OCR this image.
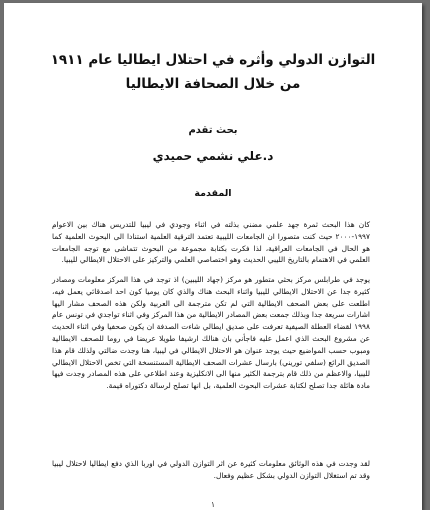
التوازن الدولي وأثره في احتلال ايطاليا عام ١٩١١ من خلال الصحافة الايطاليا
بحث تقدم
د.علي نشمي حميدي
المقدمة

كان هذا البحث ثمرة جهد علمي مضني بذلته في اثناء وجودي في ليبيا للتدريس هناك بين الاعوام ١٩٩٧-٢٠٠٠ حيث كنت متصورا ان الجامعات الليبية تعتمد الترقية العلمية استنادا الى البحوث العلمية كما هو الحال في الجامعات العراقية، لذا فكرت بكتابة مجموعة من البحوث تتماشى مع توجه الجامعات العلمي في الاهتمام بالتاريخ الليبي الحديث وهو اختصاصي العلمي والتركيز على الاحتلال الايطالي لليبيا.

يوجد في طرابلس مركز بحثي متطور هو مركز (جهاد الليبين) اذ توجد في هذا المركز معلومات ومصادر كثيرة جدا عن الاحتلال الايطالي لليبيا واثناء البحث هناك والذي كان يوميا كون احد اصدقائي يعمل فيه، اطلعت على بعض الصحف الايطالية التي لم تكن مترجمة الى العربية ولكن هذه الصحف مشار اليها اشارات سريعة جدا وبذلك جمعت بعض المصادر الايطالية من هذا المركز وفي اثناء تواجدي في تونس عام ١٩٩٨ لقضاء العطلة الصيفية تعرفت على صديق ايطالي شاءت الصدفة ان يكون صحفيا وفي اثناء الحديث عن مشروع البحث الذي اعمل عليه فاجأني بان هنالك ارشيفا طويلا عريضا في روما للصحف الايطالية ومبوب حسب المواضيع حيث يوجد عنوان هو الاحتلال الايطالي في ليبيا، هنا وجدت ضالتي ولذلك قام هذا الصديق الرائع (سلفي توريني) بارسال عشرات الصحف الايطالية المستنسخة التي تخص الاحتلال الايطالي لليبيا، والاعظم من ذلك قام بترجمة الكثير منها الى الانكليزية وعند اطلاعي على هذه المصادر وجدت فيها مادة هائلة جدا تصلح لكتابة عشرات البحوث العلمية، بل انها تصلح لرسالة دكتوراه قيمة.

لقد وجدت في هذه الوثائق معلومات كثيرة عن اثر التوازن الدولي في اوربا الذي دفع ايطاليا لاحتلال ليبيا وقد تم استغلال التوازن الدولي بشكل عظيم وفعال.

١
